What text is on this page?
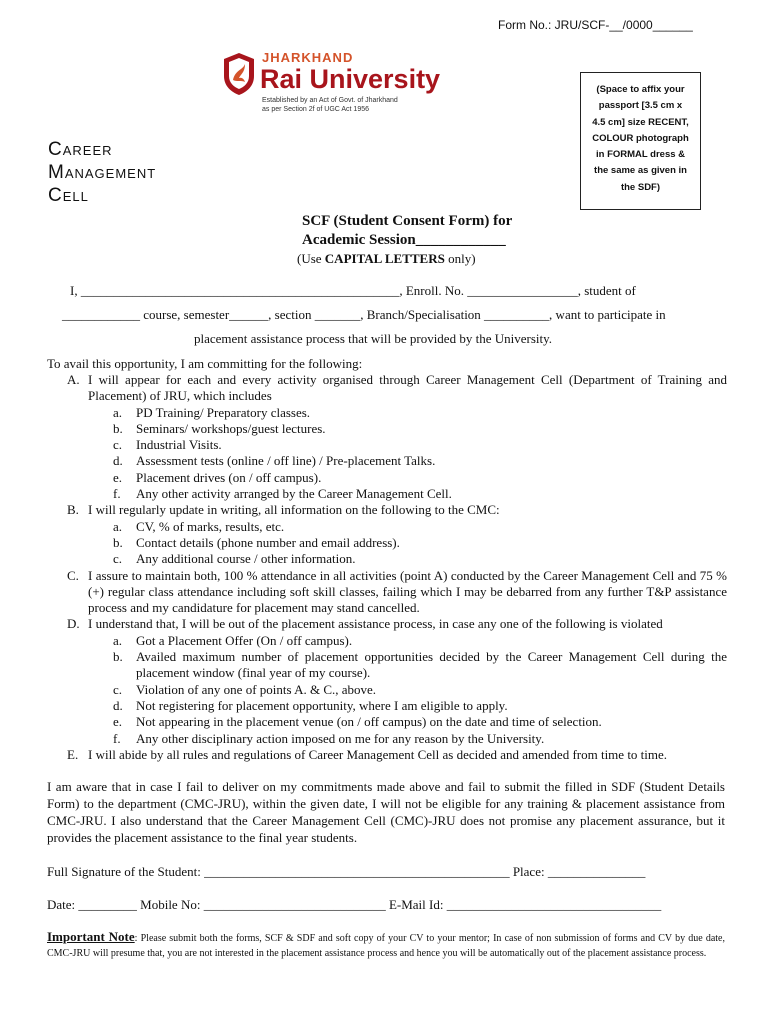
Form No.: JRU/SCF-__/0000______
JHARKHAND
Rai University
Established by an Act of Govt. of Jharkhand
as per Section 2f of UGC Act 1956
(Space to affix your
passport [3.5 cm x
4.5 cm] size RECENT,
COLOUR photograph
in FORMAL dress &
the same as given in
the SDF)
Career
Management
Cell
SCF (Student Consent Form) for
Academic Session____________
(Use CAPITAL LETTERS only)
I, _________________________________________________, Enroll. No. _________________, student of
____________ course, semester______, section _______, Branch/Specialisation __________, want to participate in
placement assistance process that will be provided by the University.
To avail this opportunity, I am committing for the following:
A. I will appear for each and every activity organised through Career Management Cell (Department of Training and Placement) of JRU, which includes
a. PD Training/ Preparatory classes.
b. Seminars/ workshops/guest lectures.
c. Industrial Visits.
d. Assessment tests (online / off line) / Pre-placement Talks.
e. Placement drives (on / off campus).
f. Any other activity arranged by the Career Management Cell.
B. I will regularly update in writing, all information on the following to the CMC:
a. CV, % of marks, results, etc.
b. Contact details (phone number and email address).
c. Any additional course / other information.
C. I assure to maintain both, 100 % attendance in all activities (point A) conducted by the Career Management Cell and 75 %(+) regular class attendance including soft skill classes, failing which I may be debarred from any further T&P assistance process and my candidature for placement may stand cancelled.
D. I understand that, I will be out of the placement assistance process, in case any one of the following is violated
a. Got a Placement Offer (On / off campus).
b. Availed maximum number of placement opportunities decided by the Career Management Cell during the placement window (final year of my course).
c. Violation of any one of points A. & C., above.
d. Not registering for placement opportunity, where I am eligible to apply.
e. Not appearing in the placement venue (on / off campus) on the date and time of selection.
f. Any other disciplinary action imposed on me for any reason by the University.
E. I will abide by all rules and regulations of Career Management Cell as decided and amended from time to time.
I am aware that in case I fail to deliver on my commitments made above and fail to submit the filled in SDF (Student Details Form) to the department (CMC-JRU), within the given date, I will not be eligible for any training & placement assistance from CMC-JRU. I also understand that the Career Management Cell (CMC)-JRU does not promise any placement assurance, but it provides the placement assistance to the final year students.
Full Signature of the Student: _______________________________________________ Place: _______________
Date: _________ Mobile No: ____________________________ E-Mail Id: _________________________________
Important Note: Please submit both the forms, SCF & SDF and soft copy of your CV to your mentor; In case of non submission of forms and CV by due date, CMC-JRU will presume that, you are not interested in the placement assistance process and hence you will be automatically out of the placement assistance process.
